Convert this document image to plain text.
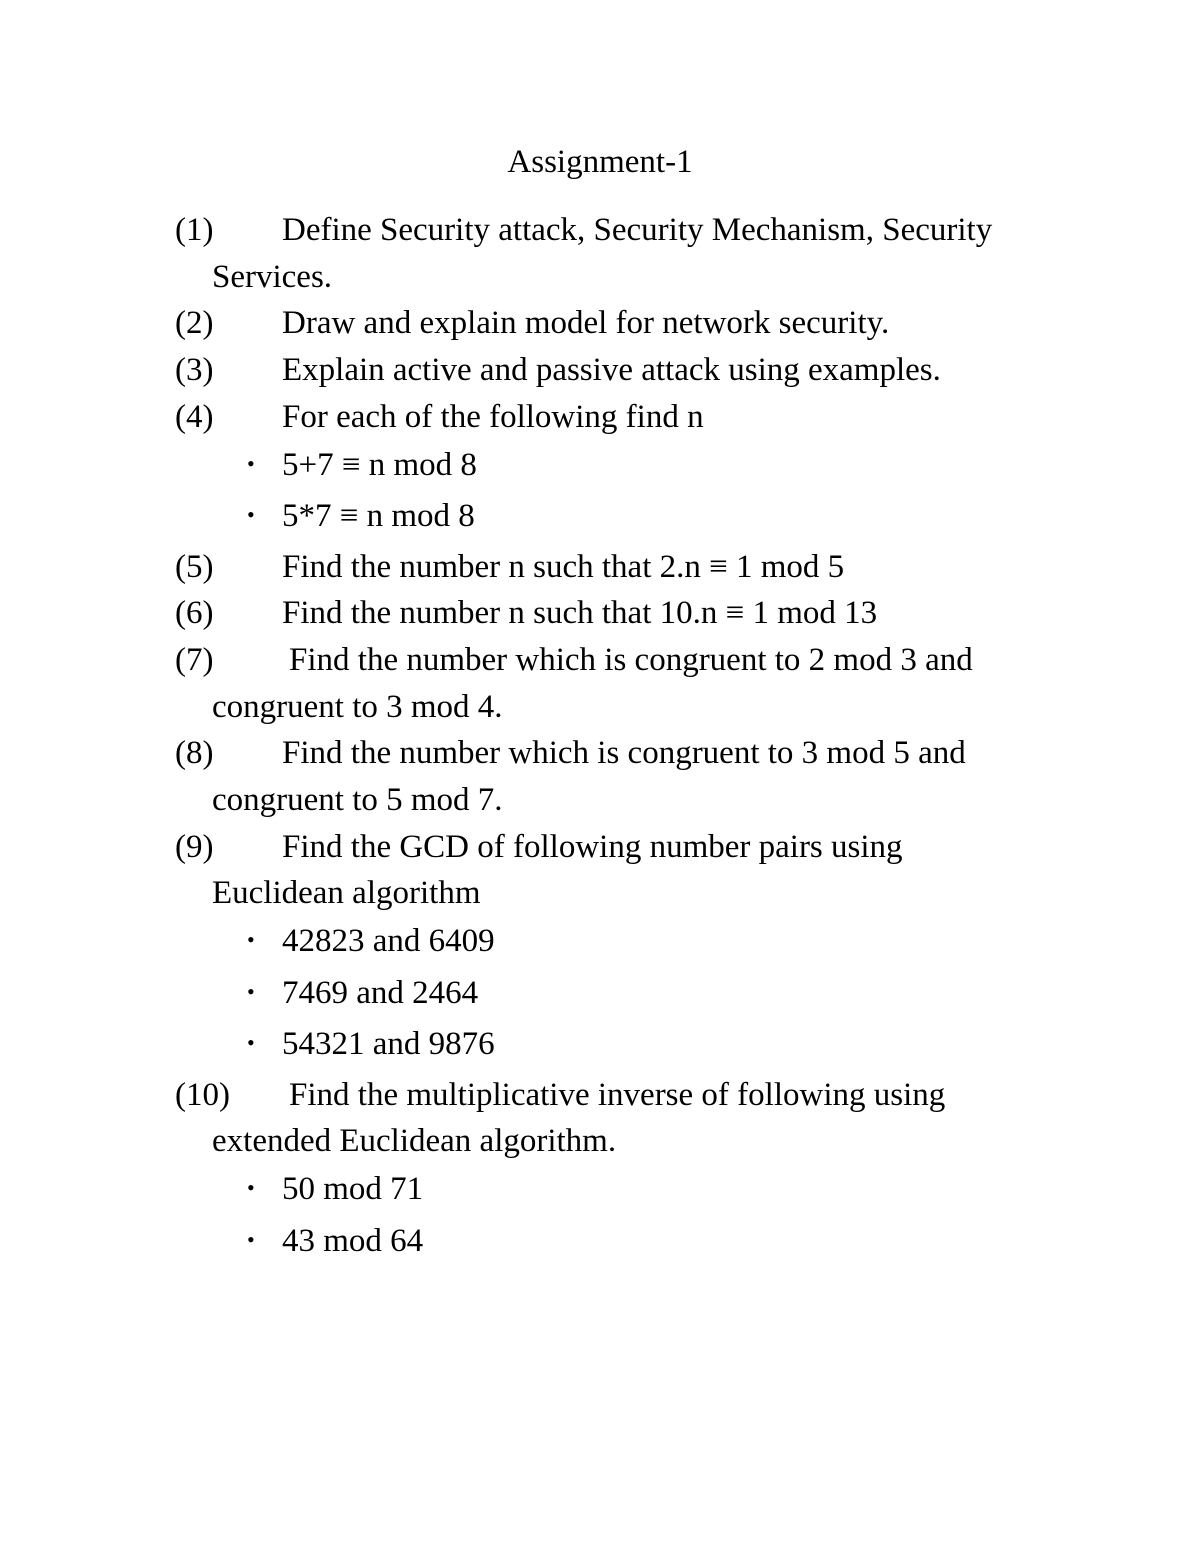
Assignment-1
(1)	Define Security attack, Security Mechanism, Security
Services.
(2)	Draw and explain model for network security.
(3)	Explain active and passive attack using examples.
(4)	For each of the following find n
• 5+7 ≡ n mod 8
• 5*7 ≡ n mod 8
(5)	Find the number n such that 2.n ≡ 1 mod 5
(6)	Find the number n such that 10.n ≡ 1 mod 13
(7)	Find the number which is congruent to 2 mod 3 and
congruent to 3 mod 4.
(8)	Find the number which is congruent to 3 mod 5 and
congruent to 5 mod 7.
(9)	Find the GCD of following number pairs using
Euclidean algorithm
• 42823 and 6409
• 7469 and 2464
• 54321 and 9876
(10)	Find the multiplicative inverse of following using
extended Euclidean algorithm.
• 50 mod 71
• 43 mod 64
